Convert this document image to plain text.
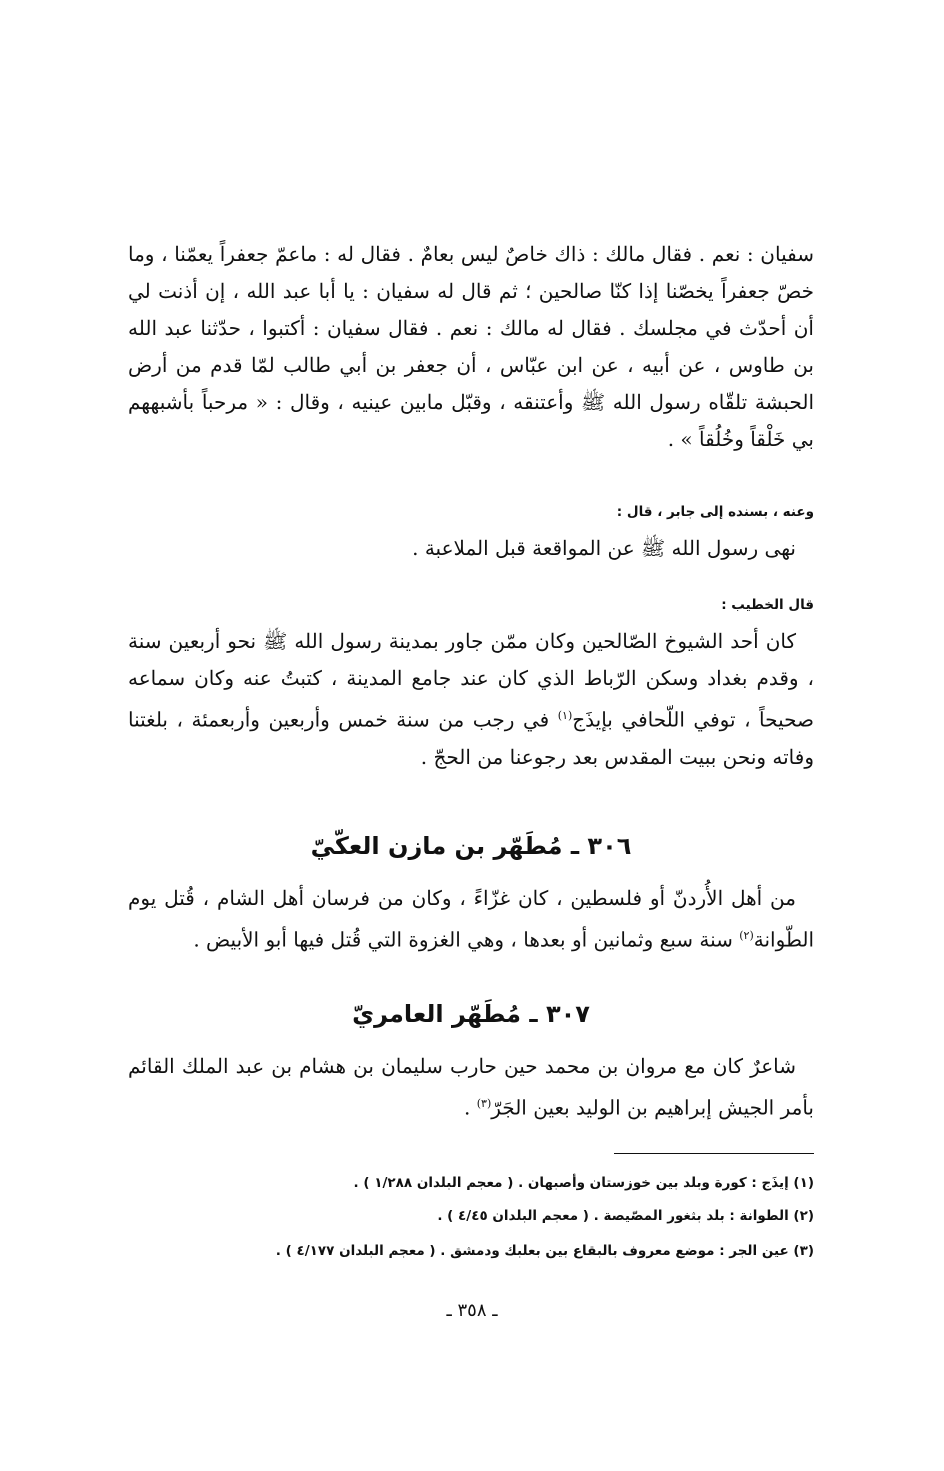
سفيان : نعم . فقال مالك : ذاك خاصٌ ليس بعامٌ . فقال له : ماعمّ جعفراً يعمّنا ، وما خصّ جعفراً يخصّنا إذا كنّا صالحين ؛ ثم قال له سفيان : يا أبا عبد الله ، إن أذنت لي أن أحدّث في مجلسك . فقال له مالك : نعم . فقال سفيان : أكتبوا ، حدّثنا عبد الله بن طاوس ، عن أبيه ، عن ابن عبّاس ، أن جعفر بن أبي طالب لمّا قدم من أرض الحبشة تلقّاه رسول الله ﷺ وأعتنقه ، وقبّل مابين عينيه ، وقال : « مرحباً بأشبههم بي خَلْقاً وخُلُقاً » .

وعنه ، بسنده إلى جابر ، قال :

نهى رسول الله ﷺ عن المواقعة قبل الملاعبة .

قال الخطيب :

كان أحد الشيوخ الصّالحين وكان ممّن جاور بمدينة رسول الله ﷺ نحو أربعين سنة ، وقدم بغداد وسكن الرّباط الذي كان عند جامع المدينة ، كتبتُ عنه وكان سماعه صحيحاً ، توفي اللّحافي بإيذَج$^{(١)}$ في رجب من سنة خمس وأربعين وأربعمئة ، بلغتنا وفاته ونحن ببيت المقدس بعد رجوعنا من الحجّ .

٣٠٦ ـ مُطَهّر بن مازن العكّيّ

من أهل الأُردنّ أو فلسطين ، كان غزّاءً ، وكان من فرسان أهل الشام ، قُتل يوم الطّوانة$^{(٢)}$ سنة سبع وثمانين أو بعدها ، وهي الغزوة التي قُتل فيها أبو الأبيض .

٣٠٧ ـ مُطَهّر العامريّ

شاعرٌ كان مع مروان بن محمد حين حارب سليمان بن هشام بن عبد الملك القائم بأمر الجيش إبراهيم بن الوليد بعين الجَرّ$^{(٣)}$ .

(١) إيذَج : كورة وبلد بين خوزستان وأصبهان . ( معجم البلدان ١/٢٨٨ ) .
(٢) الطوانة : بلد بثغور المصّيصة . ( معجم البلدان ٤/٤٥ ) .
(٣) عين الجر : موضع معروف بالبقاع بين بعلبك ودمشق . ( معجم البلدان ٤/١٧٧ ) .
ـ ٣٥٨ ـ
